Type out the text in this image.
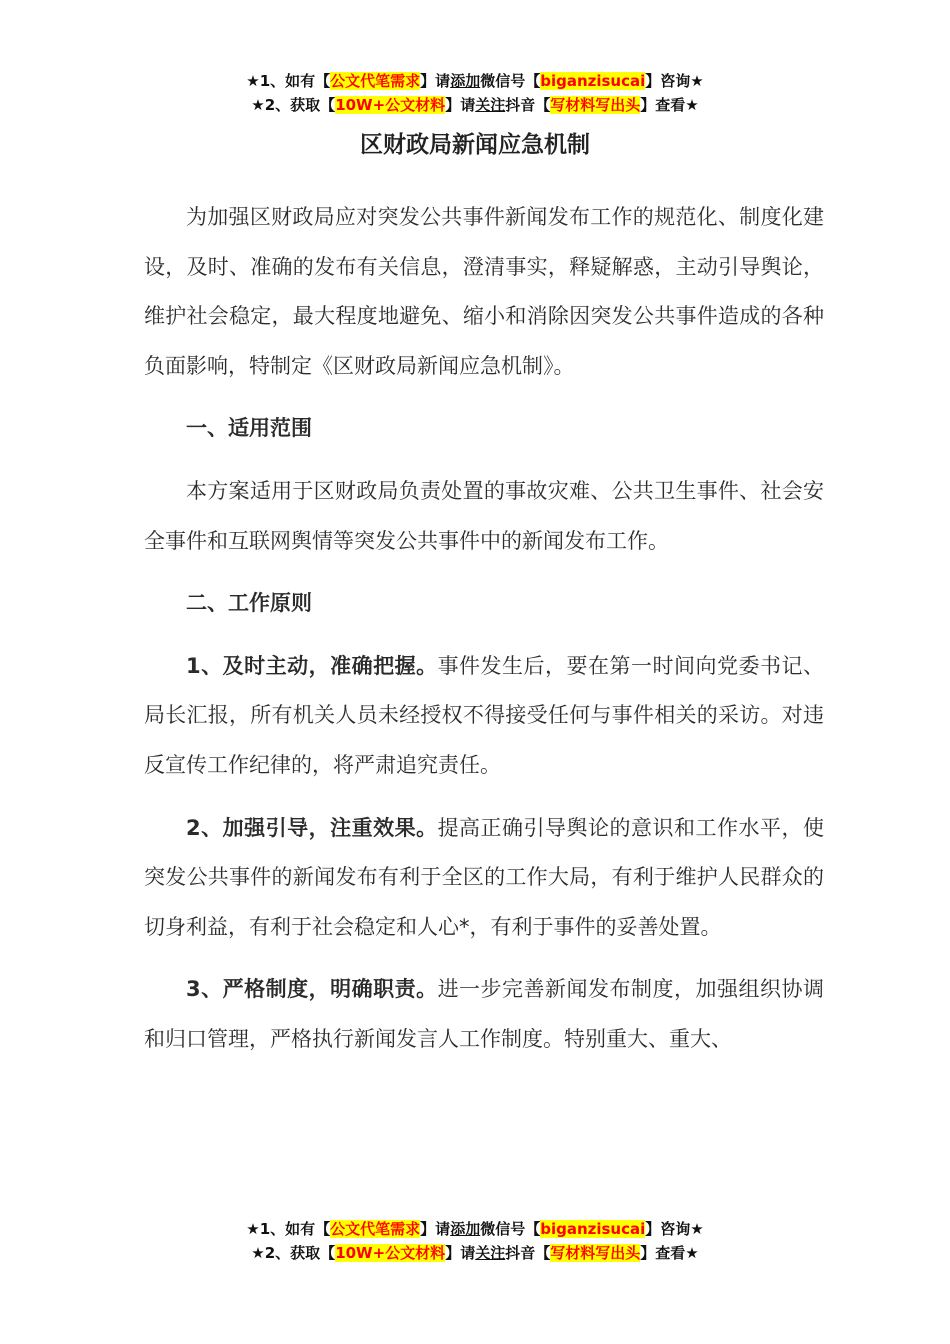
★1、如有【公文代笔需求】请添加微信号【biganzisucai】咨询★
★2、获取【10W+公文材料】请关注抖音【写材料写出头】查看★
区财政局新闻应急机制

为加强区财政局应对突发公共事件新闻发布工作的规范化、制度化建设，及时、准确的发布有关信息，澄清事实，释疑解惑，主动引导舆论，维护社会稳定，最大程度地避免、缩小和消除因突发公共事件造成的各种负面影响，特制定《区财政局新闻应急机制》。

一、适用范围

本方案适用于区财政局负责处置的事故灾难、公共卫生事件、社会安全事件和互联网舆情等突发公共事件中的新闻发布工作。

二、工作原则

1、及时主动，准确把握。事件发生后，要在第一时间向党委书记、局长汇报，所有机关人员未经授权不得接受任何与事件相关的采访。对违反宣传工作纪律的，将严肃追究责任。

2、加强引导，注重效果。提高正确引导舆论的意识和工作水平，使突发公共事件的新闻发布有利于全区的工作大局，有利于维护人民群众的切身利益，有利于社会稳定和人心*，有利于事件的妥善处置。

3、严格制度，明确职责。进一步完善新闻发布制度，加强组织协调和归口管理，严格执行新闻发言人工作制度。特别重大、重大、

★1、如有【公文代笔需求】请添加微信号【biganzisucai】咨询★
★2、获取【10W+公文材料】请关注抖音【写材料写出头】查看★
